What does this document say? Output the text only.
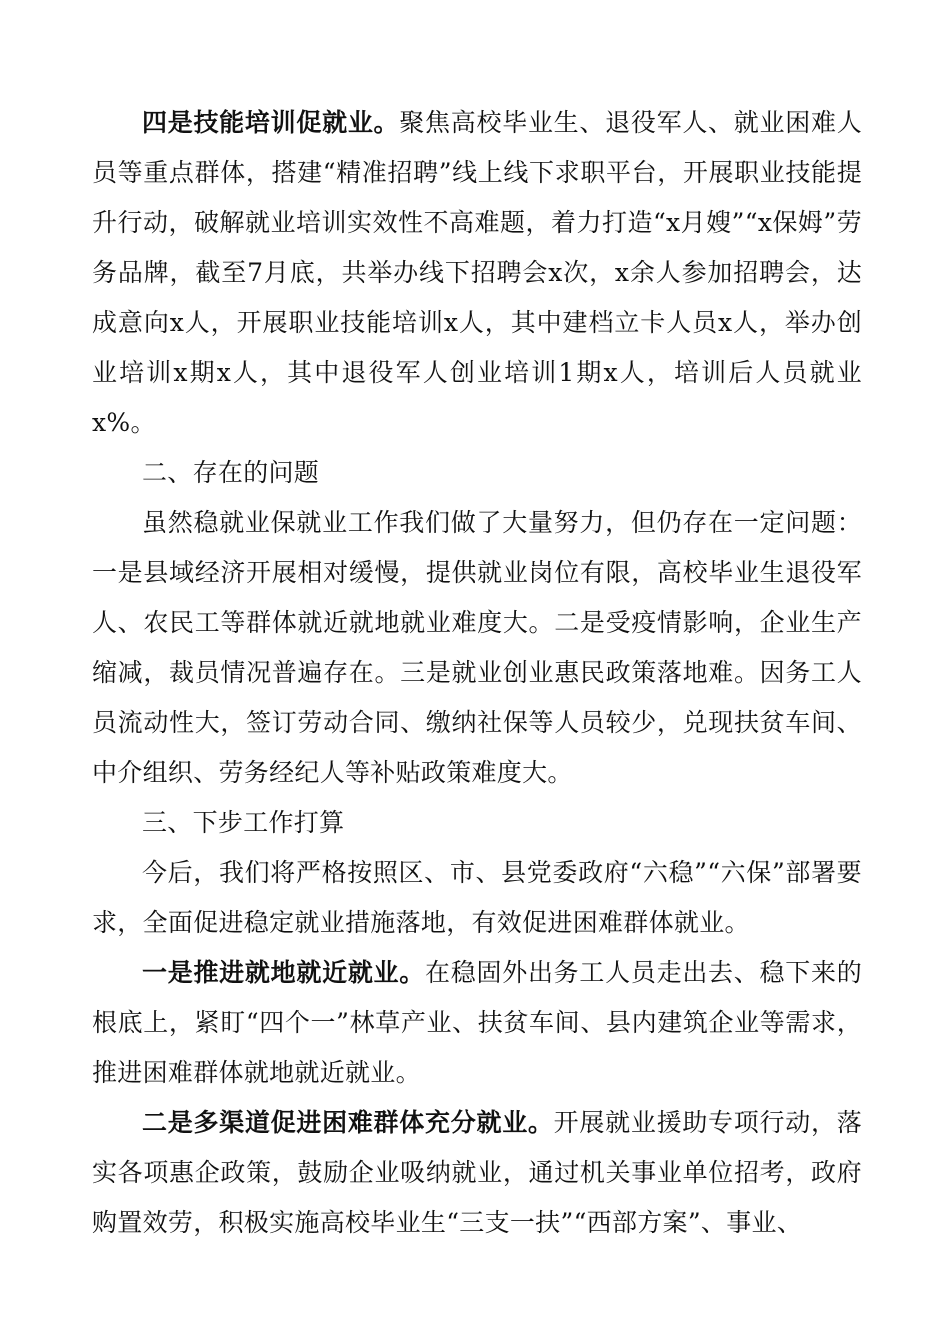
四是技能培训促就业。聚焦高校毕业生、退役军人、就业困难人员等重点群体，搭建“精准招聘”线上线下求职平台，开展职业技能提升行动，破解就业培训实效性不高难题，着力打造“x月嫂”“x保姆”劳务品牌，截至7月底，共举办线下招聘会x次，x余人参加招聘会，达成意向x人，开展职业技能培训x人，其中建档立卡人员x人，举办创业培训x期x人，其中退役军人创业培训1期x人，培训后人员就业x%。

二、存在的问题

虽然稳就业保就业工作我们做了大量努力，但仍存在一定问题：一是县域经济开展相对缓慢，提供就业岗位有限，高校毕业生退役军人、农民工等群体就近就地就业难度大。二是受疫情影响，企业生产缩减，裁员情况普遍存在。三是就业创业惠民政策落地难。因务工人员流动性大，签订劳动合同、缴纳社保等人员较少，兑现扶贫车间、中介组织、劳务经纪人等补贴政策难度大。

三、下步工作打算

今后，我们将严格按照区、市、县党委政府“六稳”“六保”部署要求，全面促进稳定就业措施落地，有效促进困难群体就业。

一是推进就地就近就业。在稳固外出务工人员走出去、稳下来的根底上，紧盯“四个一”林草产业、扶贫车间、县内建筑企业等需求，推进困难群体就地就近就业。

二是多渠道促进困难群体充分就业。开展就业援助专项行动，落实各项惠企政策，鼓励企业吸纳就业，通过机关事业单位招考，政府购置效劳，积极实施高校毕业生“三支一扶”“西部方案”、事业、
